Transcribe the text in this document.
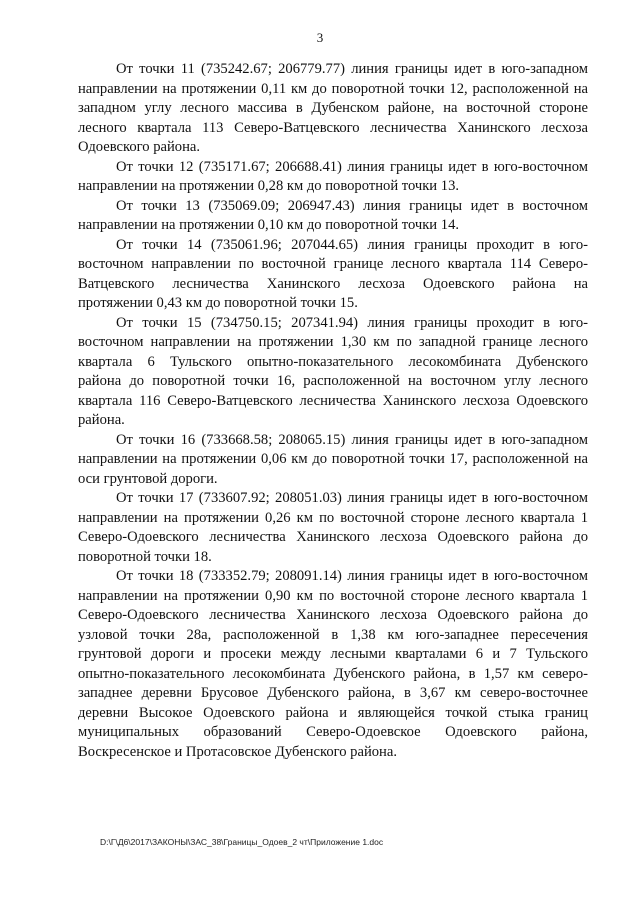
3
От точки 11 (735242.67; 206779.77) линия границы идет в юго-западном
направлении на протяжении 0,11 км до поворотной точки 12, расположенной на
западном углу лесного массива в Дубенском районе, на восточной стороне
лесного квартала 113 Северо-Ватцевского лесничества Ханинского лесхоза
Одоевского района.
От точки 12 (735171.67; 206688.41) линия границы идет в юго-восточном
направлении на протяжении 0,28 км до поворотной точки 13.
От точки 13 (735069.09; 206947.43) линия границы идет в восточном
направлении на протяжении 0,10 км до поворотной точки 14.
От точки 14 (735061.96; 207044.65) линия границы проходит в юго-
восточном направлении по восточной границе лесного квартала 114 Северо-
Ватцевского лесничества Ханинского лесхоза Одоевского района на
протяжении 0,43 км до поворотной точки 15.
От точки 15 (734750.15; 207341.94) линия границы проходит в юго-
восточном направлении на протяжении 1,30 км по западной границе лесного
квартала 6 Тульского опытно-показательного лесокомбината Дубенского
района до поворотной точки 16, расположенной на восточном углу лесного
квартала 116 Северо-Ватцевского лесничества Ханинского лесхоза Одоевского
района.
От точки 16 (733668.58; 208065.15) линия границы идет в юго-западном
направлении на протяжении 0,06 км до поворотной точки 17, расположенной на
оси грунтовой дороги.
От точки 17 (733607.92; 208051.03) линия границы идет в юго-восточном
направлении на протяжении 0,26 км по восточной стороне лесного квартала 1
Северо-Одоевского лесничества Ханинского лесхоза Одоевского района до
поворотной точки 18.
От точки 18 (733352.79; 208091.14) линия границы идет в юго-восточном
направлении на протяжении 0,90 км по восточной стороне лесного квартала 1
Северо-Одоевского лесничества Ханинского лесхоза Одоевского района до
узловой точки 28а, расположенной в 1,38 км юго-западнее пересечения
грунтовой дороги и просеки между лесными кварталами 6 и 7 Тульского
опытно-показательного лесокомбината Дубенского района, в 1,57 км северо-
западнее деревни Брусовое Дубенского района, в 3,67 км северо-восточнее
деревни Высокое Одоевского района и являющейся точкой стыка границ
муниципальных образований Северо-Одоевское Одоевского района,
Воскресенское и Протасовское Дубенского района.
D:\Г\Д6\2017\ЗАКОНЫ\ЗАС_38\Границы_Одоев_2 чт\Приложение 1.doc
